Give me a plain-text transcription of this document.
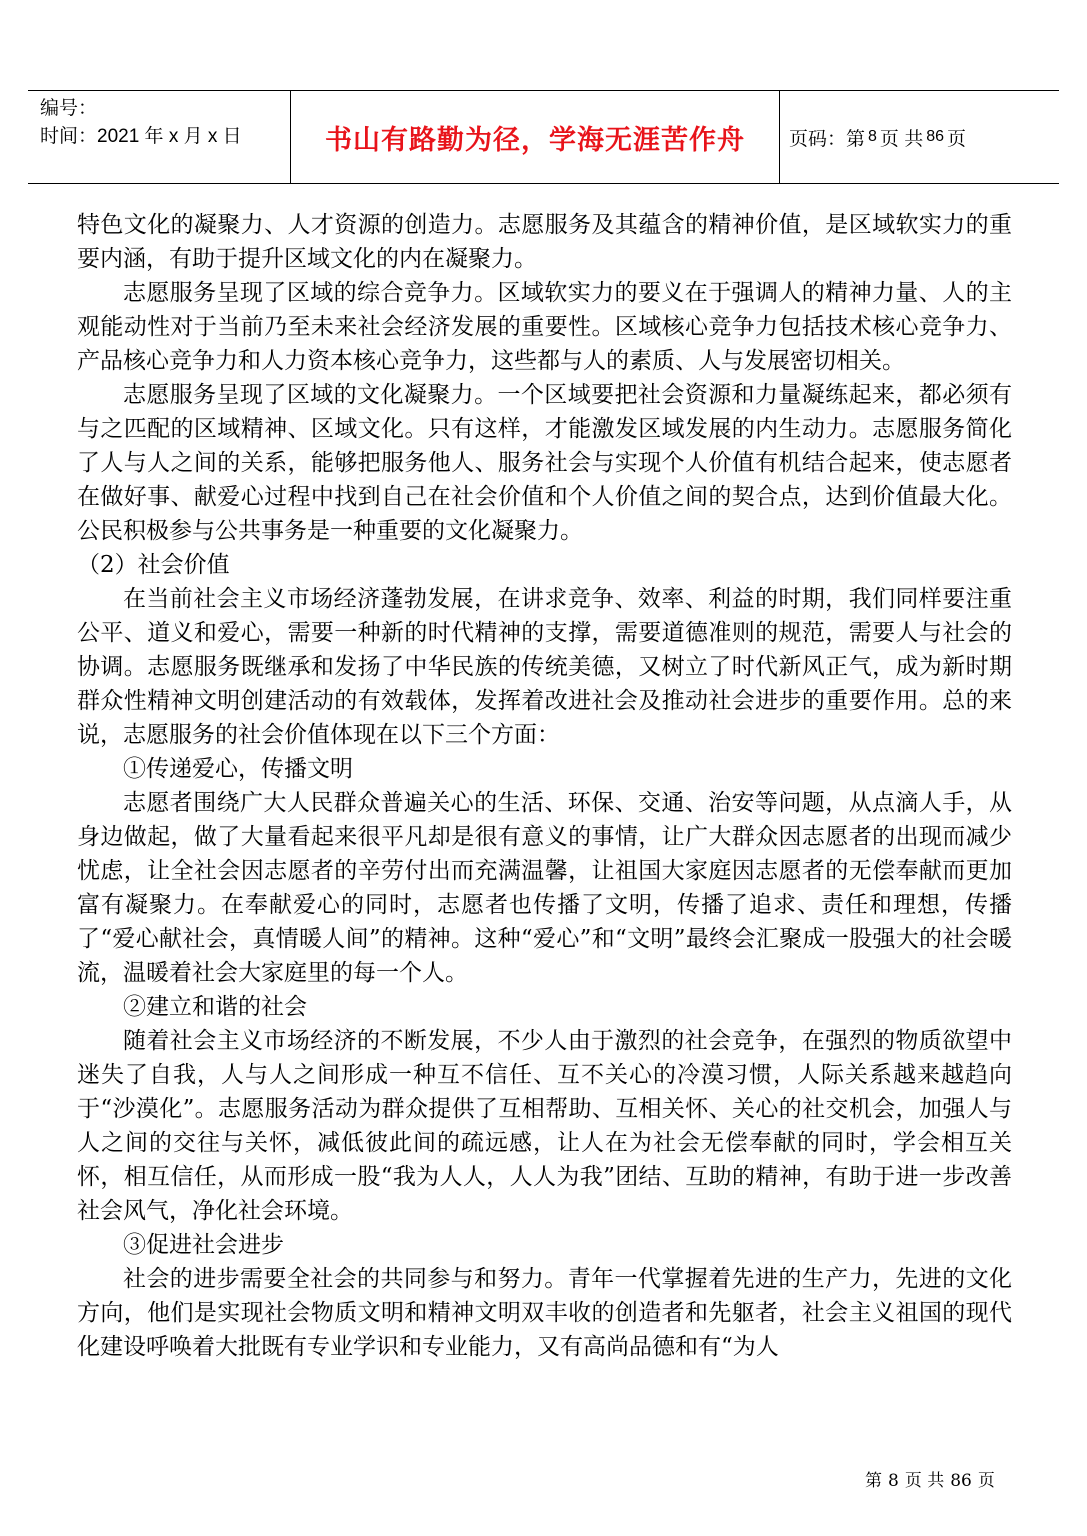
编号：
时间：2021 年 x 月 x 日	书山有路勤为径，学海无涯苦作舟 页码：第 8 页 共 86 页

特色文化的凝聚力、人才资源的创造力。志愿服务及其蕴含的精神价值，是区域软实力的重要内涵，有助于提升区域文化的内在凝聚力。

志愿服务呈现了区域的综合竞争力。区域软实力的要义在于强调人的精神力量、人的主观能动性对于当前乃至未来社会经济发展的重要性。区域核心竞争力包括技术核心竞争力、产品核心竞争力和人力资本核心竞争力，这些都与人的素质、人与发展密切相关。

志愿服务呈现了区域的文化凝聚力。一个区域要把社会资源和力量凝练起来，都必须有与之匹配的区域精神、区域文化。只有这样，才能激发区域发展的内生动力。志愿服务简化了人与人之间的关系，能够把服务他人、服务社会与实现个人价值有机结合起来，使志愿者在做好事、献爱心过程中找到自己在社会价值和个人价值之间的契合点，达到价值最大化。公民积极参与公共事务是一种重要的文化凝聚力。

（2）社会价值

在当前社会主义市场经济蓬勃发展，在讲求竞争、效率、利益的时期，我们同样要注重公平、道义和爱心，需要一种新的时代精神的支撑，需要道德准则的规范，需要人与社会的协调。志愿服务既继承和发扬了中华民族的传统美德，又树立了时代新风正气，成为新时期群众性精神文明创建活动的有效载体，发挥着改进社会及推动社会进步的重要作用。总的来说，志愿服务的社会价值体现在以下三个方面：

①传递爱心，传播文明

志愿者围绕广大人民群众普遍关心的生活、环保、交通、治安等问题，从点滴人手，从身边做起，做了大量看起来很平凡却是很有意义的事情，让广大群众因志愿者的出现而减少忧虑，让全社会因志愿者的辛劳付出而充满温馨，让祖国大家庭因志愿者的无偿奉献而更加富有凝聚力。在奉献爱心的同时，志愿者也传播了文明，传播了追求、责任和理想，传播了“爱心献社会，真情暖人间”的精神。这种“爱心”和“文明”最终会汇聚成一股强大的社会暖流，温暖着社会大家庭里的每一个人。

②建立和谐的社会

随着社会主义市场经济的不断发展，不少人由于激烈的社会竞争，在强烈的物质欲望中迷失了自我，人与人之间形成一种互不信任、互不关心的冷漠习惯，人际关系越来越趋向于“沙漠化”。志愿服务活动为群众提供了互相帮助、互相关怀、关心的社交机会，加强人与人之间的交往与关怀，减低彼此间的疏远感，让人在为社会无偿奉献的同时，学会相互关怀，相互信任，从而形成一股“我为人人，人人为我”团结、互助的精神，有助于进一步改善社会风气，净化社会环境。

③促进社会进步

社会的进步需要全社会的共同参与和努力。青年一代掌握着先进的生产力，先进的文化方向，他们是实现社会物质文明和精神文明双丰收的创造者和先躯者，社会主义祖国的现代化建设呼唤着大批既有专业学识和专业能力，又有高尚品德和有“为人

第 8 页 共 86 页
